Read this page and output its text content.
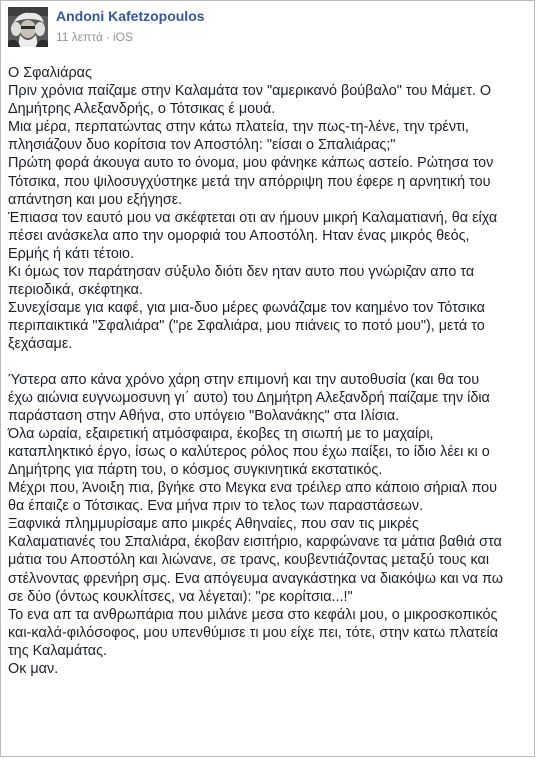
Andoni Kafetzopoulos
11 λεπτά · iOS

Ο Σφαλιάρας

Πριν χρόνια παίζαμε στην Καλαμάτα τον "αμερικανό βούβαλο" του Μάμετ. Ο

Δημήτρης Αλεξανδρής, ο Τότσικας έ μουά.

Μια μέρα, περπατώντας στην κάτω πλατεία, την πως-τη-λένε, την τρέντι,

πλησιάζουν δυο κορίτσια τον Αποστόλη: "είσαι ο Σπαλιάρας;"

Πρώτη φορά άκουγα αυτο το όνομα, μου φάνηκε κάπως αστείο. Ρώτησα τον

Τότσικα, που ψιλοσυγχύστηκε μετά την απόρριψη που έφερε η αρνητική του

απάντηση και μου εξήγησε.

Έπιασα τον εαυτό μου να σκέφτεται οτι αν ήμουν μικρή Καλαματιανή, θα είχα

πέσει ανάσκελα απο την ομορφιά του Αποστόλη. Ηταν ένας μικρός θεός,

Ερμής ή κάτι τέτοιο.

Κι όμως τον παράτησαν σύξυλο διότι δεν ηταν αυτο που γνώριζαν απο τα

περιοδικά, σκέφτηκα.

Συνεχίσαμε για καφέ, για μια-δυο μέρες φωνάζαμε τον καημένο τον Τότσικα

περιπαικτικά "Σφαλιάρα" ("ρε Σφαλιάρα, μου πιάνεις το ποτό μου"), μετά το

ξεχάσαμε.

Ύστερα απο κάνα χρόνο χάρη στην επιμονή και την αυτοθυσία (και θα του

έχω αιώνια ευγνωμοσυνη γι΄ αυτο) του Δημήτρη Αλεξανδρή παίζαμε την ίδια

παράσταση στην Αθήνα, στο υπόγειο "Βολανάκης" στα Ιλίσια.

Όλα ωραία, εξαιρετική ατμόσφαιρα, έκοβες τη σιωπή με το μαχαίρι,

καταπληκτικό έργο, ίσως ο καλύτερος ρόλος που έχω παίξει, το ίδιο λέει κι ο

Δημήτρης για πάρτη του, ο κόσμος συγκινητικά εκστατικός.

Μέχρι που, Άνοιξη πια, βγήκε στο Μεγκα ενα τρέιλερ απο κάποιο σήριαλ που

θα έπαιζε ο Τότσικας. Ενα μήνα πριν το τελος των παραστάσεων.

Ξαφνικά πλημμυρίσαμε απο μικρές Αθηναίες, που σαν τις μικρές

Καλαματιανές του Σπαλιάρα, έκοβαν εισιτήριο, καρφώνανε τα μάτια βαθιά στα

μάτια του Αποστόλη και λιώνανε, σε τρανς, κουβεντιάζοντας μεταξύ τους και

στέλνοντας φρενήρη σμς. Ενα απόγευμα αναγκάστηκα να διακόψω και να πω

σε δύο (όντως κουκλίτσες, να λέγεται): "ρε κορίτσια...!"

Το ενα απ τα ανθρωπάρια που μιλάνε μεσα στο κεφάλι μου, ο μικροσκοπικός

και-καλά-φιλόσοφος, μου υπενθύμισε τι μου είχε πει, τότε, στην κατω πλατεία

της Καλαμάτας.

Οκ μαν.
